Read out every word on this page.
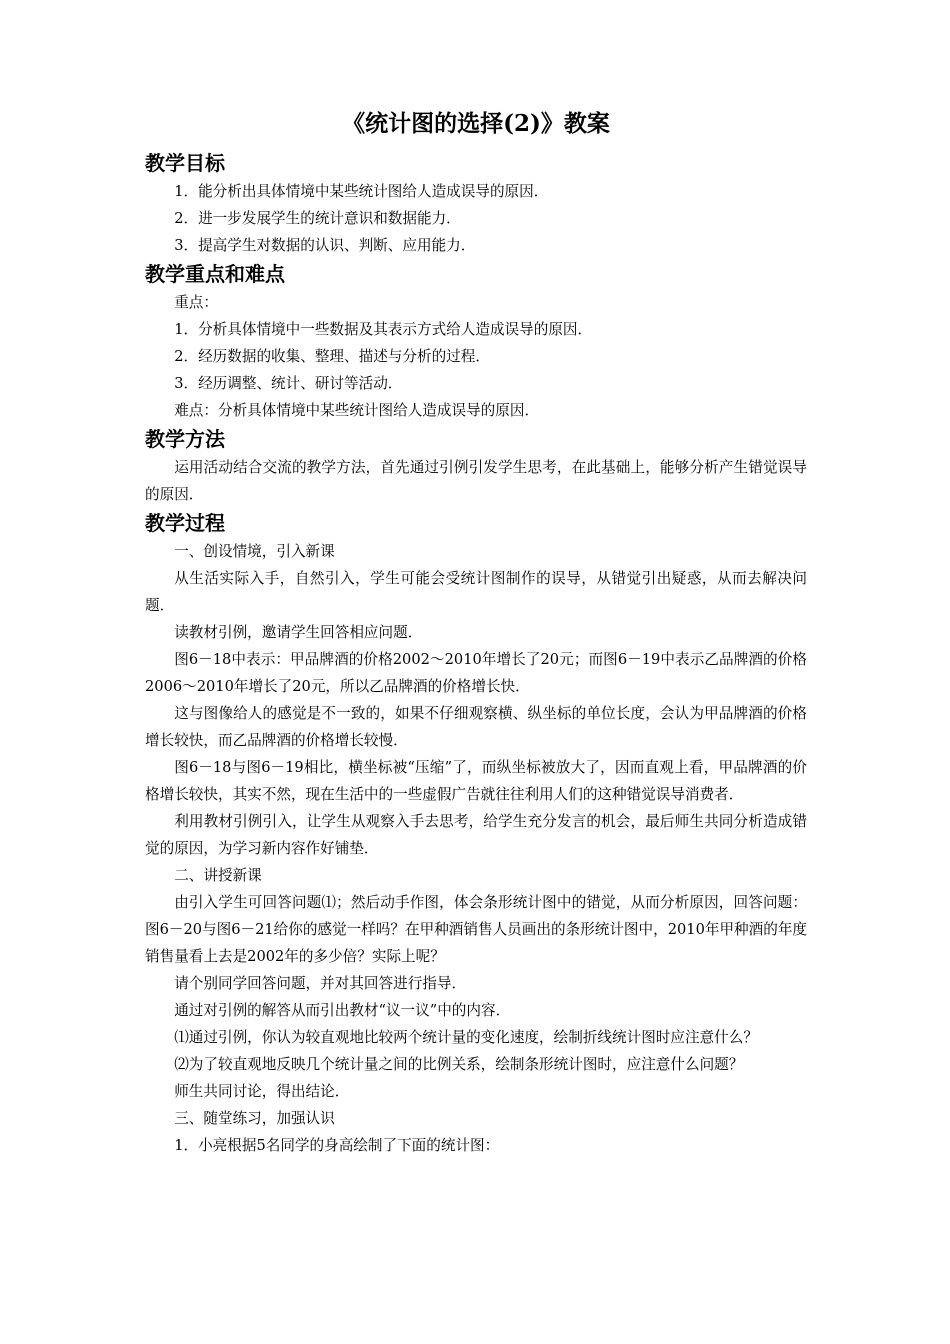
《统计图的选择(2)》教案
教学目标

1．能分析出具体情境中某些统计图给人造成误导的原因．

2．进一步发展学生的统计意识和数据能力．

3．提高学生对数据的认识、判断、应用能力．

教学重点和难点

重点：

1．分析具体情境中一些数据及其表示方式给人造成误导的原因．

2．经历数据的收集、整理、描述与分析的过程．

3．经历调整、统计、研讨等活动．

难点：分析具体情境中某些统计图给人造成误导的原因．

教学方法

运用活动结合交流的教学方法，首先通过引例引发学生思考，在此基础上，能够分析产生错觉误导的原因．

教学过程

一、创设情境，引入新课

从生活实际入手，自然引入，学生可能会受统计图制作的误导，从错觉引出疑惑，从而去解决问题．

读教材引例，邀请学生回答相应问题．

图6－18中表示：甲品牌酒的价格2002～2010年增长了20元；而图6－19中表示乙品牌酒的价格2006～2010年增长了20元，所以乙品牌酒的价格增长快．

这与图像给人的感觉是不一致的，如果不仔细观察横、纵坐标的单位长度，会认为甲品牌酒的价格增长较快，而乙品牌酒的价格增长较慢．

图6－18与图6－19相比，横坐标被“压缩”了，而纵坐标被放大了，因而直观上看，甲品牌酒的价格增长较快，其实不然，现在生活中的一些虚假广告就往往利用人们的这种错觉误导消费者．

利用教材引例引入，让学生从观察入手去思考，给学生充分发言的机会，最后师生共同分析造成错觉的原因，为学习新内容作好铺垫．

二、讲授新课

由引入学生可回答问题⑴；然后动手作图，体会条形统计图中的错觉，从而分析原因，回答问题：图6－20与图6－21给你的感觉一样吗？在甲种酒销售人员画出的条形统计图中，2010年甲种酒的年度销售量看上去是2002年的多少倍？实际上呢？

请个别同学回答问题，并对其回答进行指导．

通过对引例的解答从而引出教材“议一议”中的内容．

⑴通过引例，你认为较直观地比较两个统计量的变化速度，绘制折线统计图时应注意什么？

⑵为了较直观地反映几个统计量之间的比例关系，绘制条形统计图时，应注意什么问题？

师生共同讨论，得出结论．

三、随堂练习，加强认识

1．小亮根据5名同学的身高绘制了下面的统计图：
